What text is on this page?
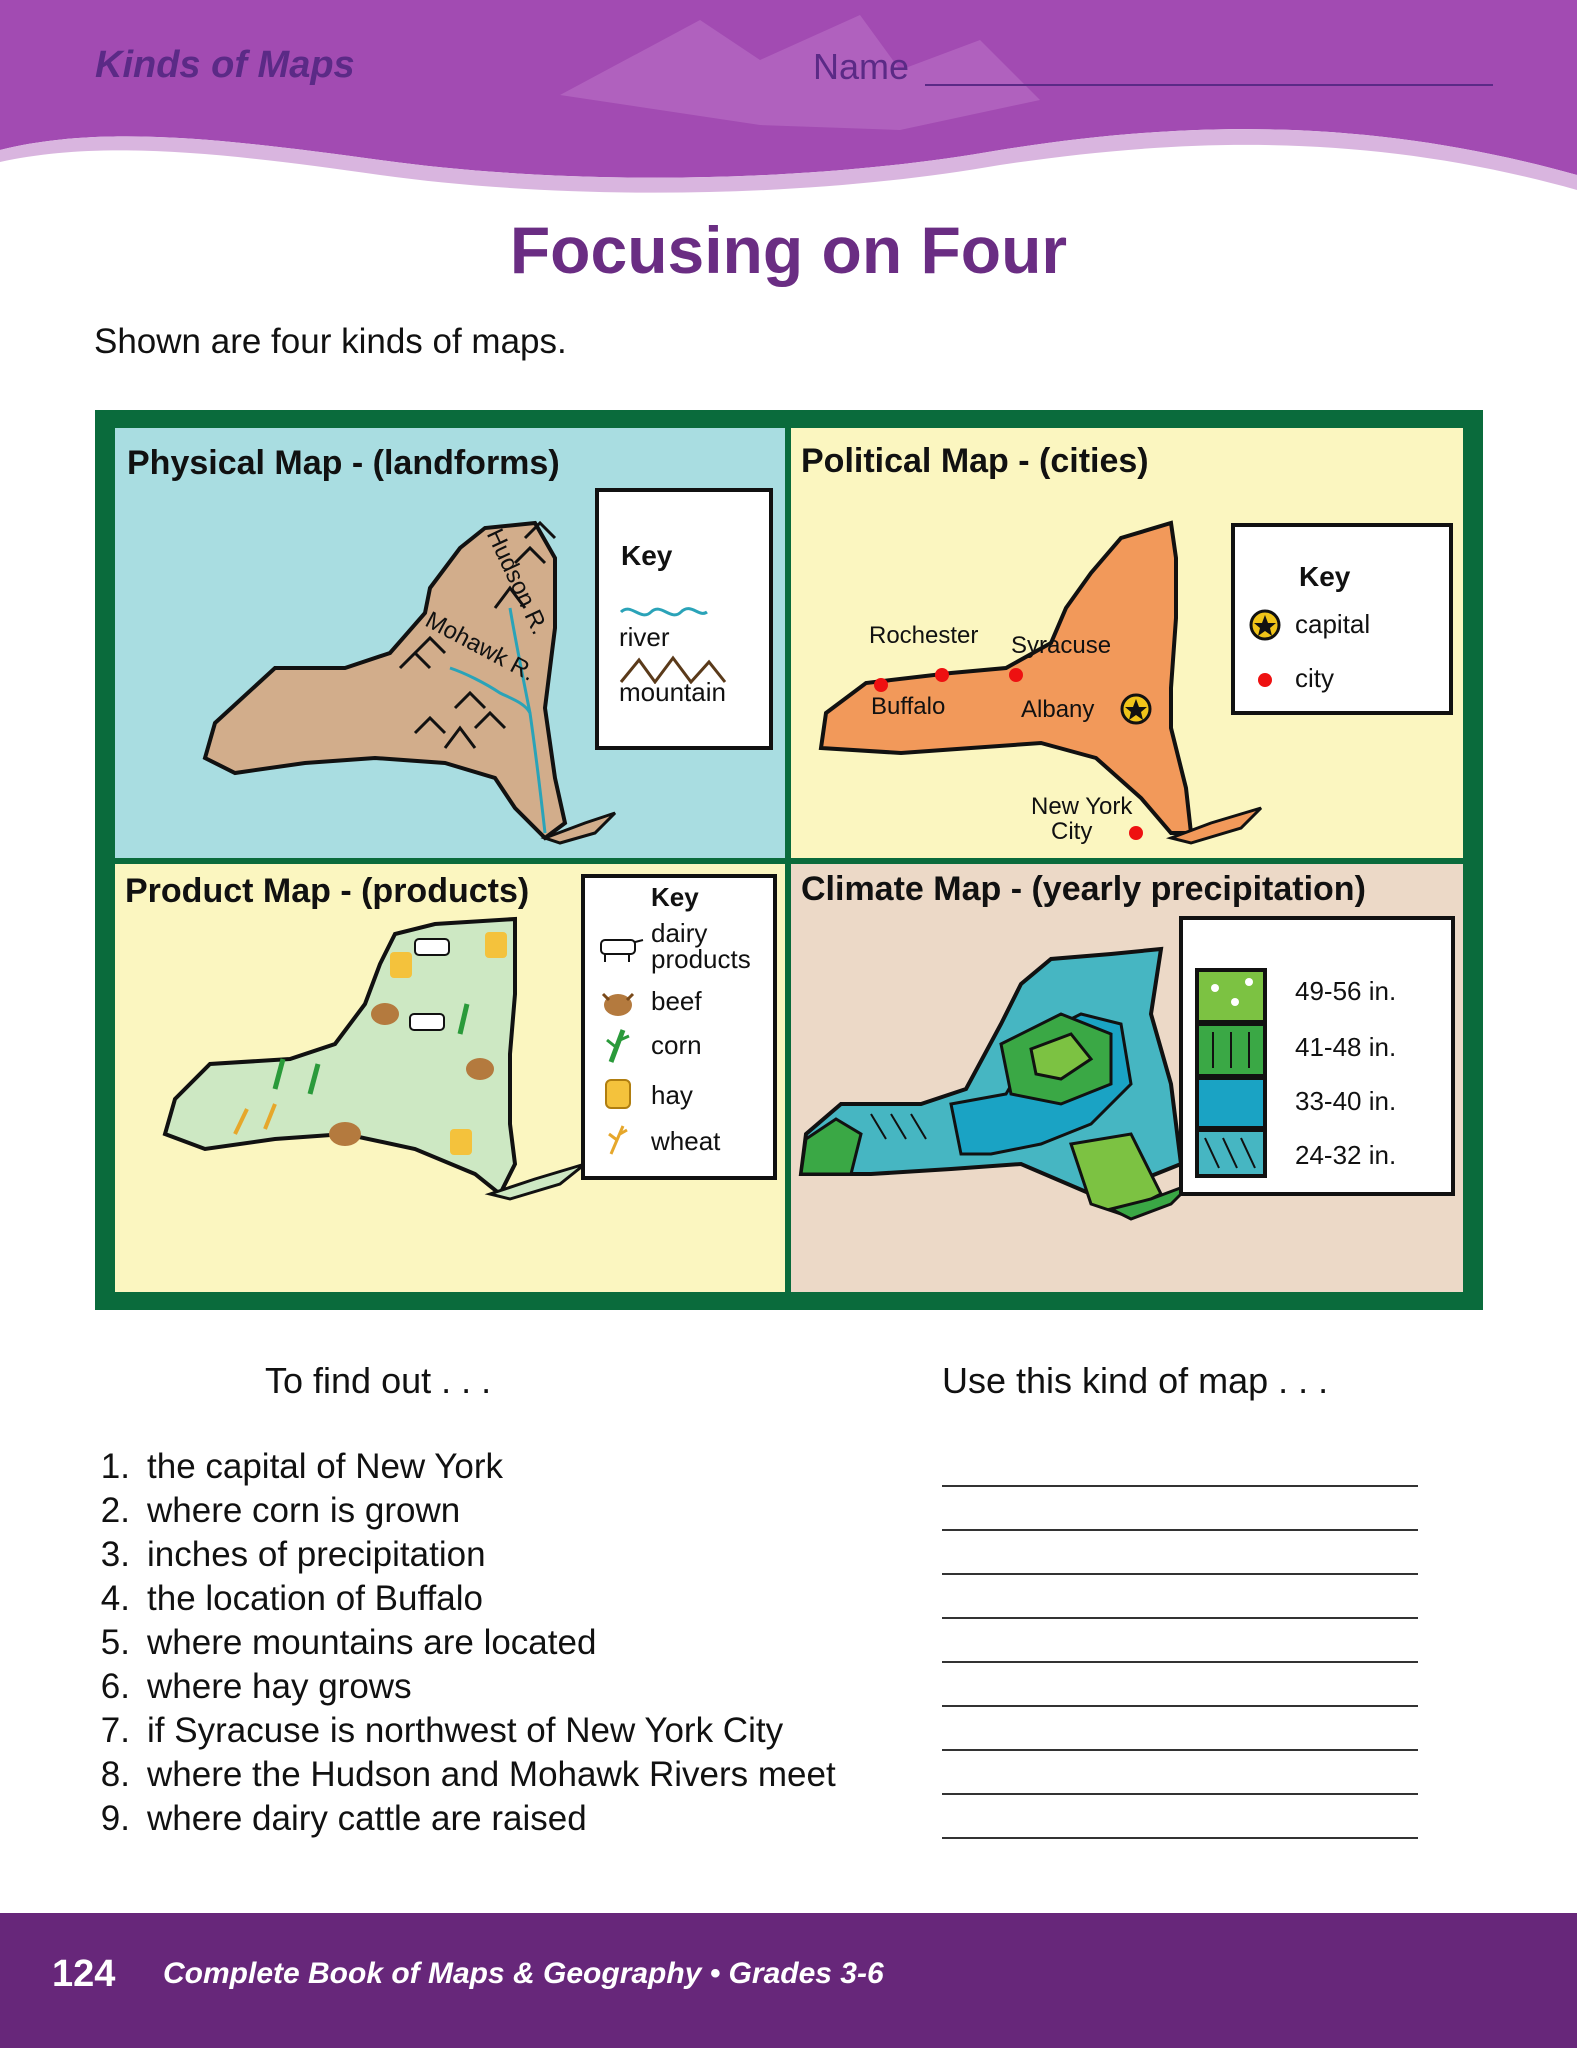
Kinds of Maps	Name
Focusing on Four
Shown are four kinds of maps.
Physical Map - (landforms)
Mohawk R.
Hudson R. Key
river
mountain
Political Map - (cities)
Rochester Syracuse
Buffalo	Albany
New York
City
Key
capital
city
Product Map - (products)	Key
dairy
products
beef
corn
hay
wheat
Climate Map - (yearly precipitation)
49-56 in.
41-48 in.
33-40 in.
24-32 in.
To find out . . .	Use this kind of map . . .
1. the capital of New York
2. where corn is grown
3. inches of precipitation
4. the location of Buffalo
5. where mountains are located
6. where hay grows
7. if Syracuse is northwest of New York City
8. where the Hudson and Mohawk Rivers meet
9. where dairy cattle are raised
124 Complete Book of Maps & Geography • Grades 3-6
